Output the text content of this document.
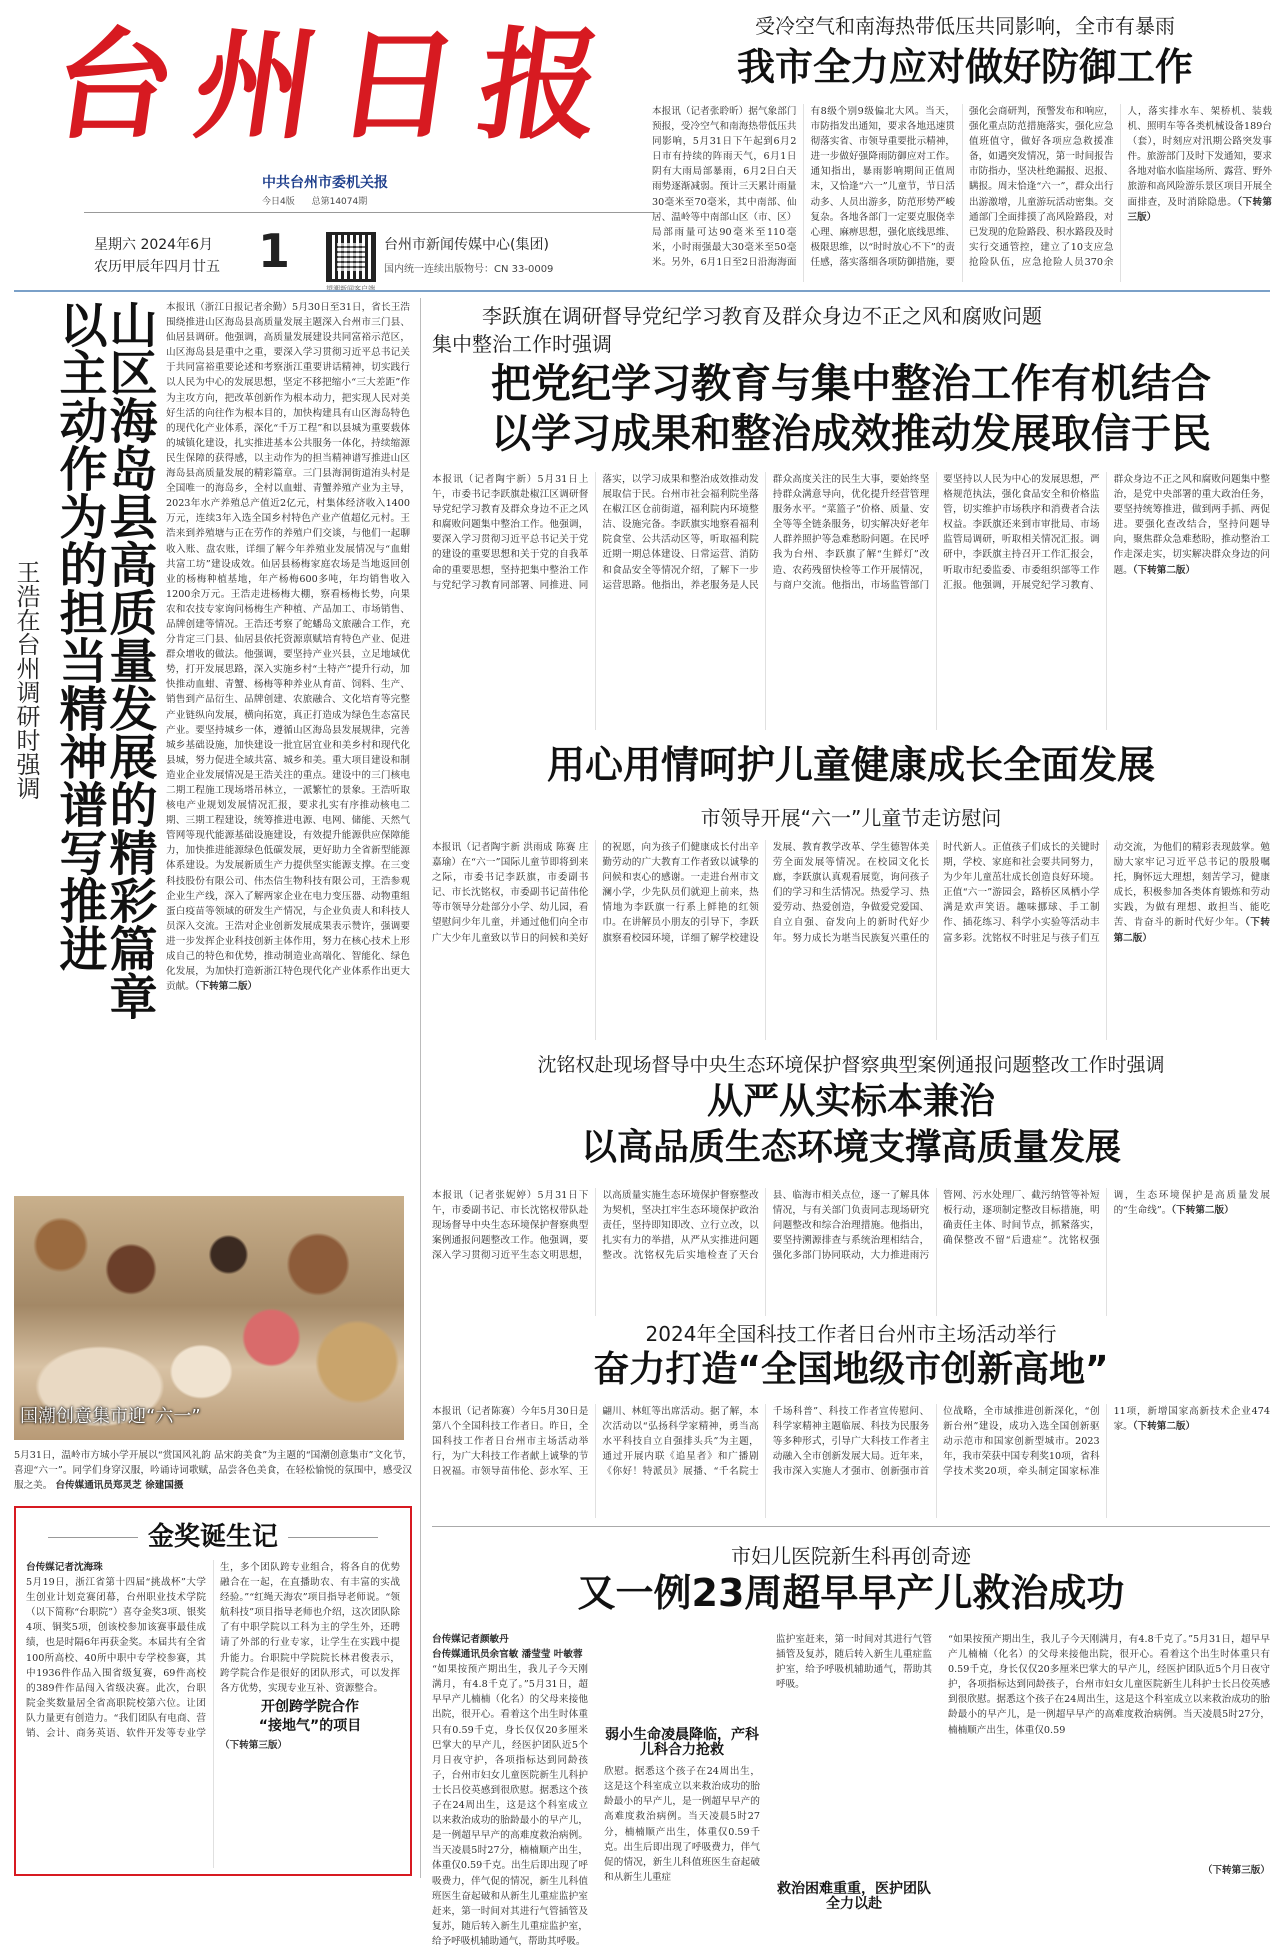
台州日报
中共台州市委机关报
今日4版 总第14074期
星期六 2024年6月
农历甲辰年四月廿五 1
望潮新闻客户端
台州市新闻传媒中心(集团)
国内统一连续出版物号：CN 33-0009
受冷空气和南海热带低压共同影响，全市有暴雨
我市全力应对做好防御工作
本报讯（记者张聆昕）据气象部门预报，受冷空气和南海热带低压共同影响，5月31日下午起到6月2日市有持续的阵雨天气，6月1日阴有大雨局部暴雨，6月2日白天雨势逐渐减弱。预计三天累计雨量30毫米至70毫米，其中南部、仙居、温岭等中南部山区（市、区）局部雨量可达90毫米至110毫米，小时雨强最大30毫米至50毫米。另外，6月1日至2日沿海海面有8级个别9级偏北大风。当天，市防指发出通知，要求各地迅速贯彻落实省、市领导重要批示精神，进一步做好强降雨防御应对工作。通知指出，暴雨影响期间正值周末，又恰逢“六一”儿童节，节日活动多、人员出游多，防范形势严峻复杂。各地各部门一定要克服侥幸心理、麻痹思想，强化底线思维、极限思维，以“时时放心不下”的责任感，落实落细各项防御措施，要强化会商研判，预警发布和响应，强化重点防范措施落实，强化应急值班值守，做好各项应急救援准备，如遇突发情况，第一时间报告市防指办，坚决杜绝漏报、迟报、瞒报。周末恰逢“六一”，群众出行出游激增，儿童游玩活动密集。交通部门全面排摸了高风险路段，对已发现的危险路段、积水路段及时实行交通管控，建立了10支应急抢险队伍，应急抢险人员370余人，落实排水车、架桥机、装载机、照明车等各类机械设备189台（套），时刻应对汛期公路突发事件。旅游部门及时下发通知，要求各地对临水临崖场所、露营、野外旅游和高风险游乐景区项目开展全面排查，及时消除隐患。（下转第三版）
山区海岛县高质量发展的精彩篇章
以主动作为的担当精神谱写推进
王浩在台州调研时强调
本报讯（浙江日报记者余勤）5月30日至31日，省长王浩围绕推进山区海岛县高质量发展主题深入台州市三门县、仙居县调研。他强调，高质量发展建设共同富裕示范区，山区海岛县是重中之重，要深入学习贯彻习近平总书记关于共同富裕重要论述和考察浙江重要讲话精神，切实践行以人民为中心的发展思想，坚定不移把缩小“三大差距”作为主攻方向，把改革创新作为根本动力，把实现人民对美好生活的向往作为根本目的，加快构建具有山区海岛特色的现代化产业体系，深化“千万工程”和以县城为重要载体的城镇化建设，扎实推进基本公共服务一体化，持续缩源民生保障的获得感，以主动作为的担当精神谱写推进山区海岛县高质量发展的精彩篇章。三门县海洞街道洧头村是全国唯一的海岛乡，全村以血蚶、青蟹养殖产业为主导，2023年水产养殖总产值近2亿元，村集体经济收入1400万元，连续3年入选全国乡村特色产业产值超亿元村。王浩来到养殖塘与正在劳作的养殖户们交谈，与他们一起聊收入账、盘农账，详细了解今年养殖业发展情况与“血蚶共富工坊”建设成效。仙居县杨梅家庭农场是当地返回创业的杨梅种植基地，年产杨梅600多吨，年均销售收入1200余万元。王浩走进杨梅大棚，察看杨梅长势，向果农和农技专家询问杨梅生产种植、产品加工、市场销售、品牌创建等情况。王浩还考察了蛇蟠岛文旅融合工作，充分肯定三门县、仙居县依托资源禀赋培育特色产业、促进群众增收的做法。他强调，要坚持产业兴县，立足地域优势，打开发展思路，深入实施乡村“土特产”提升行动，加快推动血蚶、青蟹、杨梅等种养业从育苗、饲料、生产、销售到产品衍生、品牌创建、农旅融合、文化培育等完整产业链纵向发展，横向拓宽，真正打造成为绿色生态富民产业。要坚持城乡一体，遵循山区海岛县发展规律，完善城乡基础设施，加快建设一批宜居宜业和美乡村和现代化县城，努力促进全域共富、城乡和美。重大项目建设和制造业企业发展情况是王浩关注的重点。建设中的三门核电二期工程施工现场塔吊林立，一派繁忙的景象。王浩听取核电产业规划发展情况汇报，要求扎实有序推动核电二期、三期工程建设，统筹推进电源、电网、储能、天然气管网等现代能源基础设施建设，有效提升能源供应保障能力，加快推进能源绿色低碳发展，更好助力全省新型能源体系建设。为发展新质生产力提供坚实能源支撑。在三变科技股份有限公司、伟杰信生物科技有限公司，王浩参观企业生产线，深入了解两家企业在电力变压器、动物重组蛋白疫苗等领域的研发生产情况，与企业负责人和科技人员深入交流。王浩对企业创新发展成果表示赞许，强调要进一步发挥企业科技创新主体作用，努力在核心技术上形成自己的特色和优势，推动制造业高端化、智能化、绿色化发展，为加快打造新浙江特色现代化产业体系作出更大贡献。（下转第二版）
李跃旗在调研督导党纪学习教育及群众身边不正之风和腐败问题
集中整治工作时强调
把党纪学习教育与集中整治工作有机结合
以学习成果和整治成效推动发展取信于民
本报讯（记者陶宇新）5月31日上午，市委书记李跃旗赴椒江区调研督导党纪学习教育及群众身边不正之风和腐败问题集中整治工作。他强调，要深入学习贯彻习近平总书记关于党的建设的重要思想和关于党的自我革命的重要思想，坚持把集中整治工作与党纪学习教育同部署、同推进、同落实，以学习成果和整治成效推动发展取信于民。台州市社会福利院坐落在椒江区仓前街道，福利院内环境整洁、设施完备。李跃旗实地察看福利院食堂、公共活动区等，听取福利院近期一期总体建设、日常运营、消防和食品安全等情况介绍，了解下一步运营思路。他指出，养老服务是人民群众高度关注的民生大事，要始终坚持群众满意导向，优化提升经营管理服务水平。“菜篮子”价格、质量、安全等等全链条服务，切实解决好老年人群养照护等急难愁盼问题。在民呼我为台州、李跃旗了解“生鲜灯”改造、农药残留快检等工作开展情况，与商户交流。他指出，市场监管部门要坚持以人民为中心的发展思想，严格规范执法，强化食品安全和价格监管，切实维护市场秩序和消费者合法权益。李跃旗还来到市审批局、市场监管局调研，听取相关情况汇报。调研中，李跃旗主持召开工作汇报会，听取市纪委监委、市委组织部等工作汇报。他强调，开展党纪学习教育、群众身边不正之风和腐败问题集中整治，是党中央部署的重大政治任务，要坚持统筹推进，做到两手抓、两促进。要强化查改结合，坚持问题导向，聚焦群众急难愁盼，推动整治工作走深走实，切实解决群众身边的问题。（下转第二版）
用心用情呵护儿童健康成长全面发展
市领导开展“六一”儿童节走访慰问
本报讯（记者陶宇新 洪雨成 陈赛 庄嘉瑜）在“六一”国际儿童节即将到来之际，市委书记李跃旗，市委副书记、市长沈铭权，市委副书记苗伟伦等市领导分赴部分小学、幼儿园，看望慰问少年儿童，并通过他们向全市广大少年儿童致以节日的问候和美好的祝愿，向为孩子们健康成长付出辛勤劳动的广大教育工作者致以诚挚的问候和衷心的感谢。一走进台州市文澜小学，少先队员们就迎上前来，热情地为李跃旗一行系上鲜艳的红领巾。在讲解员小朋友的引导下，李跃旗察看校园环境，详细了解学校建设发展、教育教学改革、学生德智体美劳全面发展等情况。在校园文化长廊，李跃旗认真观看展览，询问孩子们的学习和生活情况。热爱学习、热爱劳动、热爱创造，争做爱党爱国、自立自强、奋发向上的新时代好少年。努力成长为堪当民族复兴重任的时代新人。正值孩子们成长的关键时期，学校、家庭和社会要共同努力，为少年儿童茁壮成长创造良好环境。正值“六一”游园会，路桥区凤栖小学满是欢声笑语。趣味挪球、手工制作、插花练习、科学小实验等活动丰富多彩。沈铭权不时驻足与孩子们互动交流，为他们的精彩表现鼓掌。勉励大家牢记习近平总书记的殷殷嘱托，胸怀远大理想，刻苦学习，健康成长，积极参加各类体育锻炼和劳动实践，为做有理想、敢担当、能吃苦、肯奋斗的新时代好少年。（下转第二版）
沈铭权赴现场督导中央生态环境保护督察典型案例通报问题整改工作时强调
从严从实标本兼治
以高品质生态环境支撑高质量发展
本报讯（记者张妮婷）5月31日下午，市委副书记、市长沈铭权带队赴现场督导中央生态环境保护督察典型案例通报问题整改工作。他强调，要深入学习贯彻习近平生态文明思想，以高质量实施生态环境保护督察整改为契机，坚决扛牢生态环境保护政治责任，坚持即知即改、立行立改，以扎实有力的举措，从严从实推进问题整改。沈铭权先后实地检查了天台县、临海市相关点位，逐一了解具体情况，与有关部门负责同志现场研究问题整改和综合治理措施。他指出，要坚持溯源排查与系统治理相结合，强化多部门协同联动，大力推进雨污管网、污水处理厂、截污纳管等补短板行动，逐项制定整改目标措施，明确责任主体、时间节点，抓紧落实，确保整改不留“后遗症”。沈铭权强调，生态环境保护是高质量发展的“生命线”。（下转第二版）
2024年全国科技工作者日台州市主场活动举行
奋力打造“全国地级市创新高地”
本报讯（记者陈赛）今年5月30日是第八个全国科技工作者日。昨日，全国科技工作者日台州市主场活动举行，为广大科技工作者献上诚挚的节日祝福。市领导苗伟伦、彭水军、王翩川、林虹等出席活动。据了解，本次活动以“弘扬科学家精神，勇当高水平科技自立自强排头兵”为主题，通过开展内联《追星者》和广播剧《你好！特派员》展播、“千名院士千场科普”、科技工作者宣传慰问、科学家精神主题临展、科技为民服务等多种形式，引导广大科技工作者主动融入全市创新发展大局。近年来，我市深入实施人才强市、创新强市首位战略，全市域推进创新深化，“创新台州”建设，成功入选全国创新驱动示范市和国家创新型城市。2023年，我市荣获中国专利奖10项，省科学技术奖20项，牵头制定国家标准11项，新增国家高新技术企业474家。（下转第二版）
市妇儿医院新生科再创奇迹
又一例23周超早早产儿救治成功
台传媒记者颜敏丹
台传媒通讯员余官敏 潘莹莹 叶敏蓉
“如果按预产期出生，我儿子今天刚满月，有4.8千克了。”5月31日，超早早产儿楠楠（化名）的父母来接他出院，很开心。看着这个出生时体重只有0.59千克，身长仅仅20多厘米巴掌大的早产儿，经医护团队近5个月日夜守护，各项指标达到同龄孩子，台州市妇女儿童医院新生儿科护士长吕佼英感到很欣慰。据悉这个孩子在24周出生，这是这个科室成立以来救治成功的胎龄最小的早产儿，是一例超早早产的高难度救治病例。当天凌晨5时27分，楠楠顺产出生，体重仅0.59千克。出生后即出现了呼吸费力，伴气促的情况，新生儿科值班医生奋起破和从新生儿重症监护室赶来，第一时间对其进行气管插管及复苏，随后转入新生儿重症监护室，给予呼吸机辅助通气，帮助其呼吸。
弱小生命凌晨降临，产科儿科合力抢救
欣慰。据悉这个孩子在24周出生，这是这个科室成立以来救治成功的胎龄最小的早产儿，是一例超早早产的高难度救治病例。当天凌晨5时27分，楠楠顺产出生，体重仅0.59千克。出生后即出现了呼吸费力，伴气促的情况，新生儿科值班医生奋起破和从新生儿重症
监护室赶来，第一时间对其进行气管插管及复苏，随后转入新生儿重症监护室，给予呼吸机辅助通气，帮助其呼吸。
救治困难重重，医护团队全力以赴
“如果按预产期出生，我儿子今天刚满月，有4.8千克了。”5月31日，超早早产儿楠楠（化名）的父母来接他出院，很开心。看着这个出生时体重只有0.59千克，身长仅仅20多厘米巴掌大的早产儿，经医护团队近5个月日夜守护，各项指标达到同龄孩子，台州市妇女儿童医院新生儿科护士长吕佼英感到很欣慰。据悉这个孩子在24周出生，这是这个科室成立以来救治成功的胎龄最小的早产儿，是一例超早早产的高难度救治病例。当天凌晨5时27分，楠楠顺产出生，体重仅0.59
（下转第三版）
国潮创意集市迎“六一”
5月31日，温岭市方城小学开展以“赏国风礼韵 品宋韵美食”为主题的“国潮创意集市”文化节，喜迎“六一”。同学们身穿汉服，吟诵诗词歌赋，品尝各色美食，在轻松愉悦的氛围中，感受汉服之美。 台传媒通讯员郑灵芝 徐建国摄
金奖诞生记
台传媒记者沈海珠
5月19日，浙江省第十四届“挑战杯”大学生创业计划竞赛闭幕，台州职业技术学院（以下简称“台职院”）喜夺金奖3项、银奖4项、铜奖5项，创该校参加该赛事最佳成绩，也是时隔6年再获金奖。本届共有全省100所高校、40所中职中专学校参赛，其中1936件作品入围省级复赛，69件高校的389件作品闯入省级决赛。此次，台职院金奖数量居全省高职院校第六位。让团队力量更有创造力。“我们团队有电商、营销、会计、商务英语、软件开发等专业学生，多个团队跨专业组合，将各自的优势融合在一起，在直播助农、有丰富的实战经验。”“红绳天海农”项目指导老师说。“领航科技”项目指导老师也介绍，这次团队除了有中职学院以工科为主的学生外，还聘请了外部的行业专家，让学生在实践中提升能力。台职院中学院院长林君俊表示，跨学院合作是很好的团队形式，可以发挥各方优势，实现专业互补、资源整合。
开创跨学院合作
“接地气”的项目
（下转第三版）
